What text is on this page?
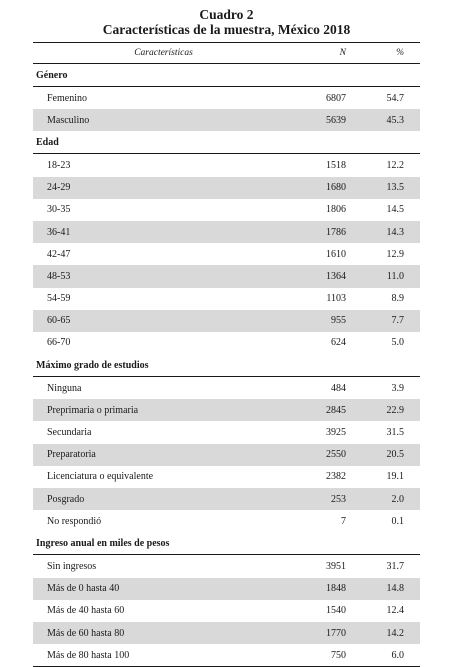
Cuadro 2
Características de la muestra, México 2018
Características	N	%
Género
Femenino	6807	54.7
Masculino	5639	45.3
Edad
18-23	1518	12.2
24-29	1680	13.5
30-35	1806	14.5
36-41	1786	14.3
42-47	1610	12.9
48-53	1364	11.0
54-59	1103	8.9
60-65	955	7.7
66-70	624	5.0
Máximo grado de estudios
Ninguna	484	3.9
Preprimaria o primaria	2845	22.9
Secundaria	3925	31.5
Preparatoria	2550	20.5
Licenciatura o equivalente	2382	19.1
Posgrado	253	2.0
No respondió	7	0.1
Ingreso anual en miles de pesos
Sin ingresos	3951	31.7
Más de 0 hasta 40	1848	14.8
Más de 40 hasta 60	1540	12.4
Más de 60 hasta 80	1770	14.2
Más de 80 hasta 100	750	6.0
